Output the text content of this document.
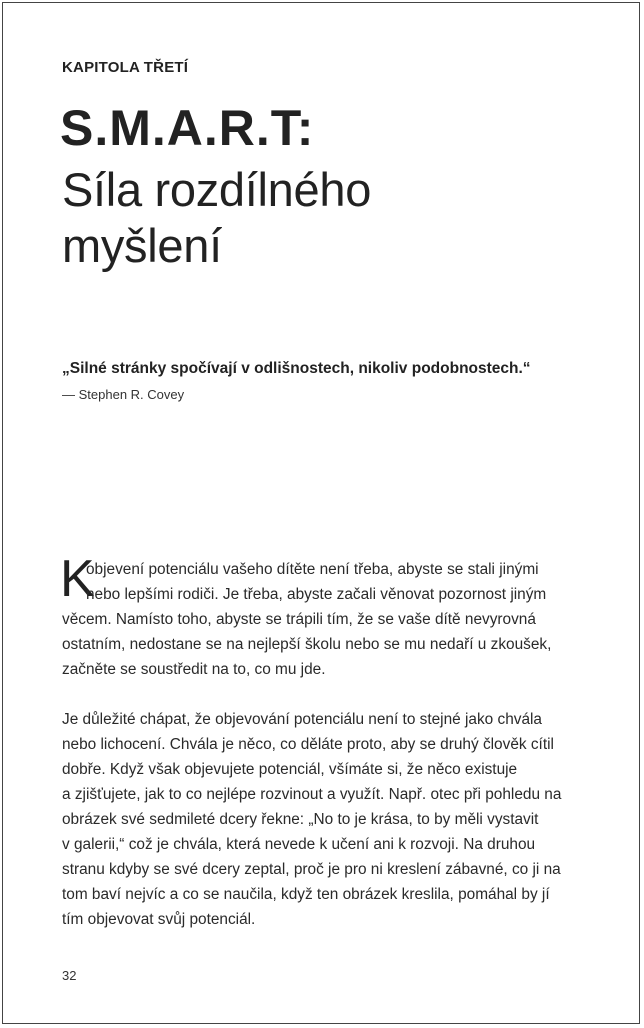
KAPITOLA TŘETÍ
S.M.A.R.T:
Síla rozdílného
myšlení
„Silné stránky spočívají v odlišnostech, nikoliv podobnostech.“
— Stephen R. Covey
K
objevení potenciálu vašeho dítěte není třeba, abyste se stali jinými
nebo lepšími rodiči. Je třeba, abyste začali věnovat pozornost jiným
věcem. Namísto toho, abyste se trápili tím, že se vaše dítě nevyrovná
ostatním, nedostane se na nejlepší školu nebo se mu nedaří u zkoušek,
začněte se soustředit na to, co mu jde.
Je důležité chápat, že objevování potenciálu není to stejné jako chvála
nebo lichocení. Chvála je něco, co děláte proto, aby se druhý člověk cítil
dobře. Když však objevujete potenciál, všímáte si, že něco existuje
a zjišťujete, jak to co nejlépe rozvinout a využít. Např. otec při pohledu na
obrázek své sedmileté dcery řekne: „No to je krása, to by měli vystavit
v galerii,“ což je chvála, která nevede k učení ani k rozvoji. Na druhou
stranu kdyby se své dcery zeptal, proč je pro ni kreslení zábavné, co ji na
tom baví nejvíc a co se naučila, když ten obrázek kreslila, pomáhal by jí
tím objevovat svůj potenciál.
32
